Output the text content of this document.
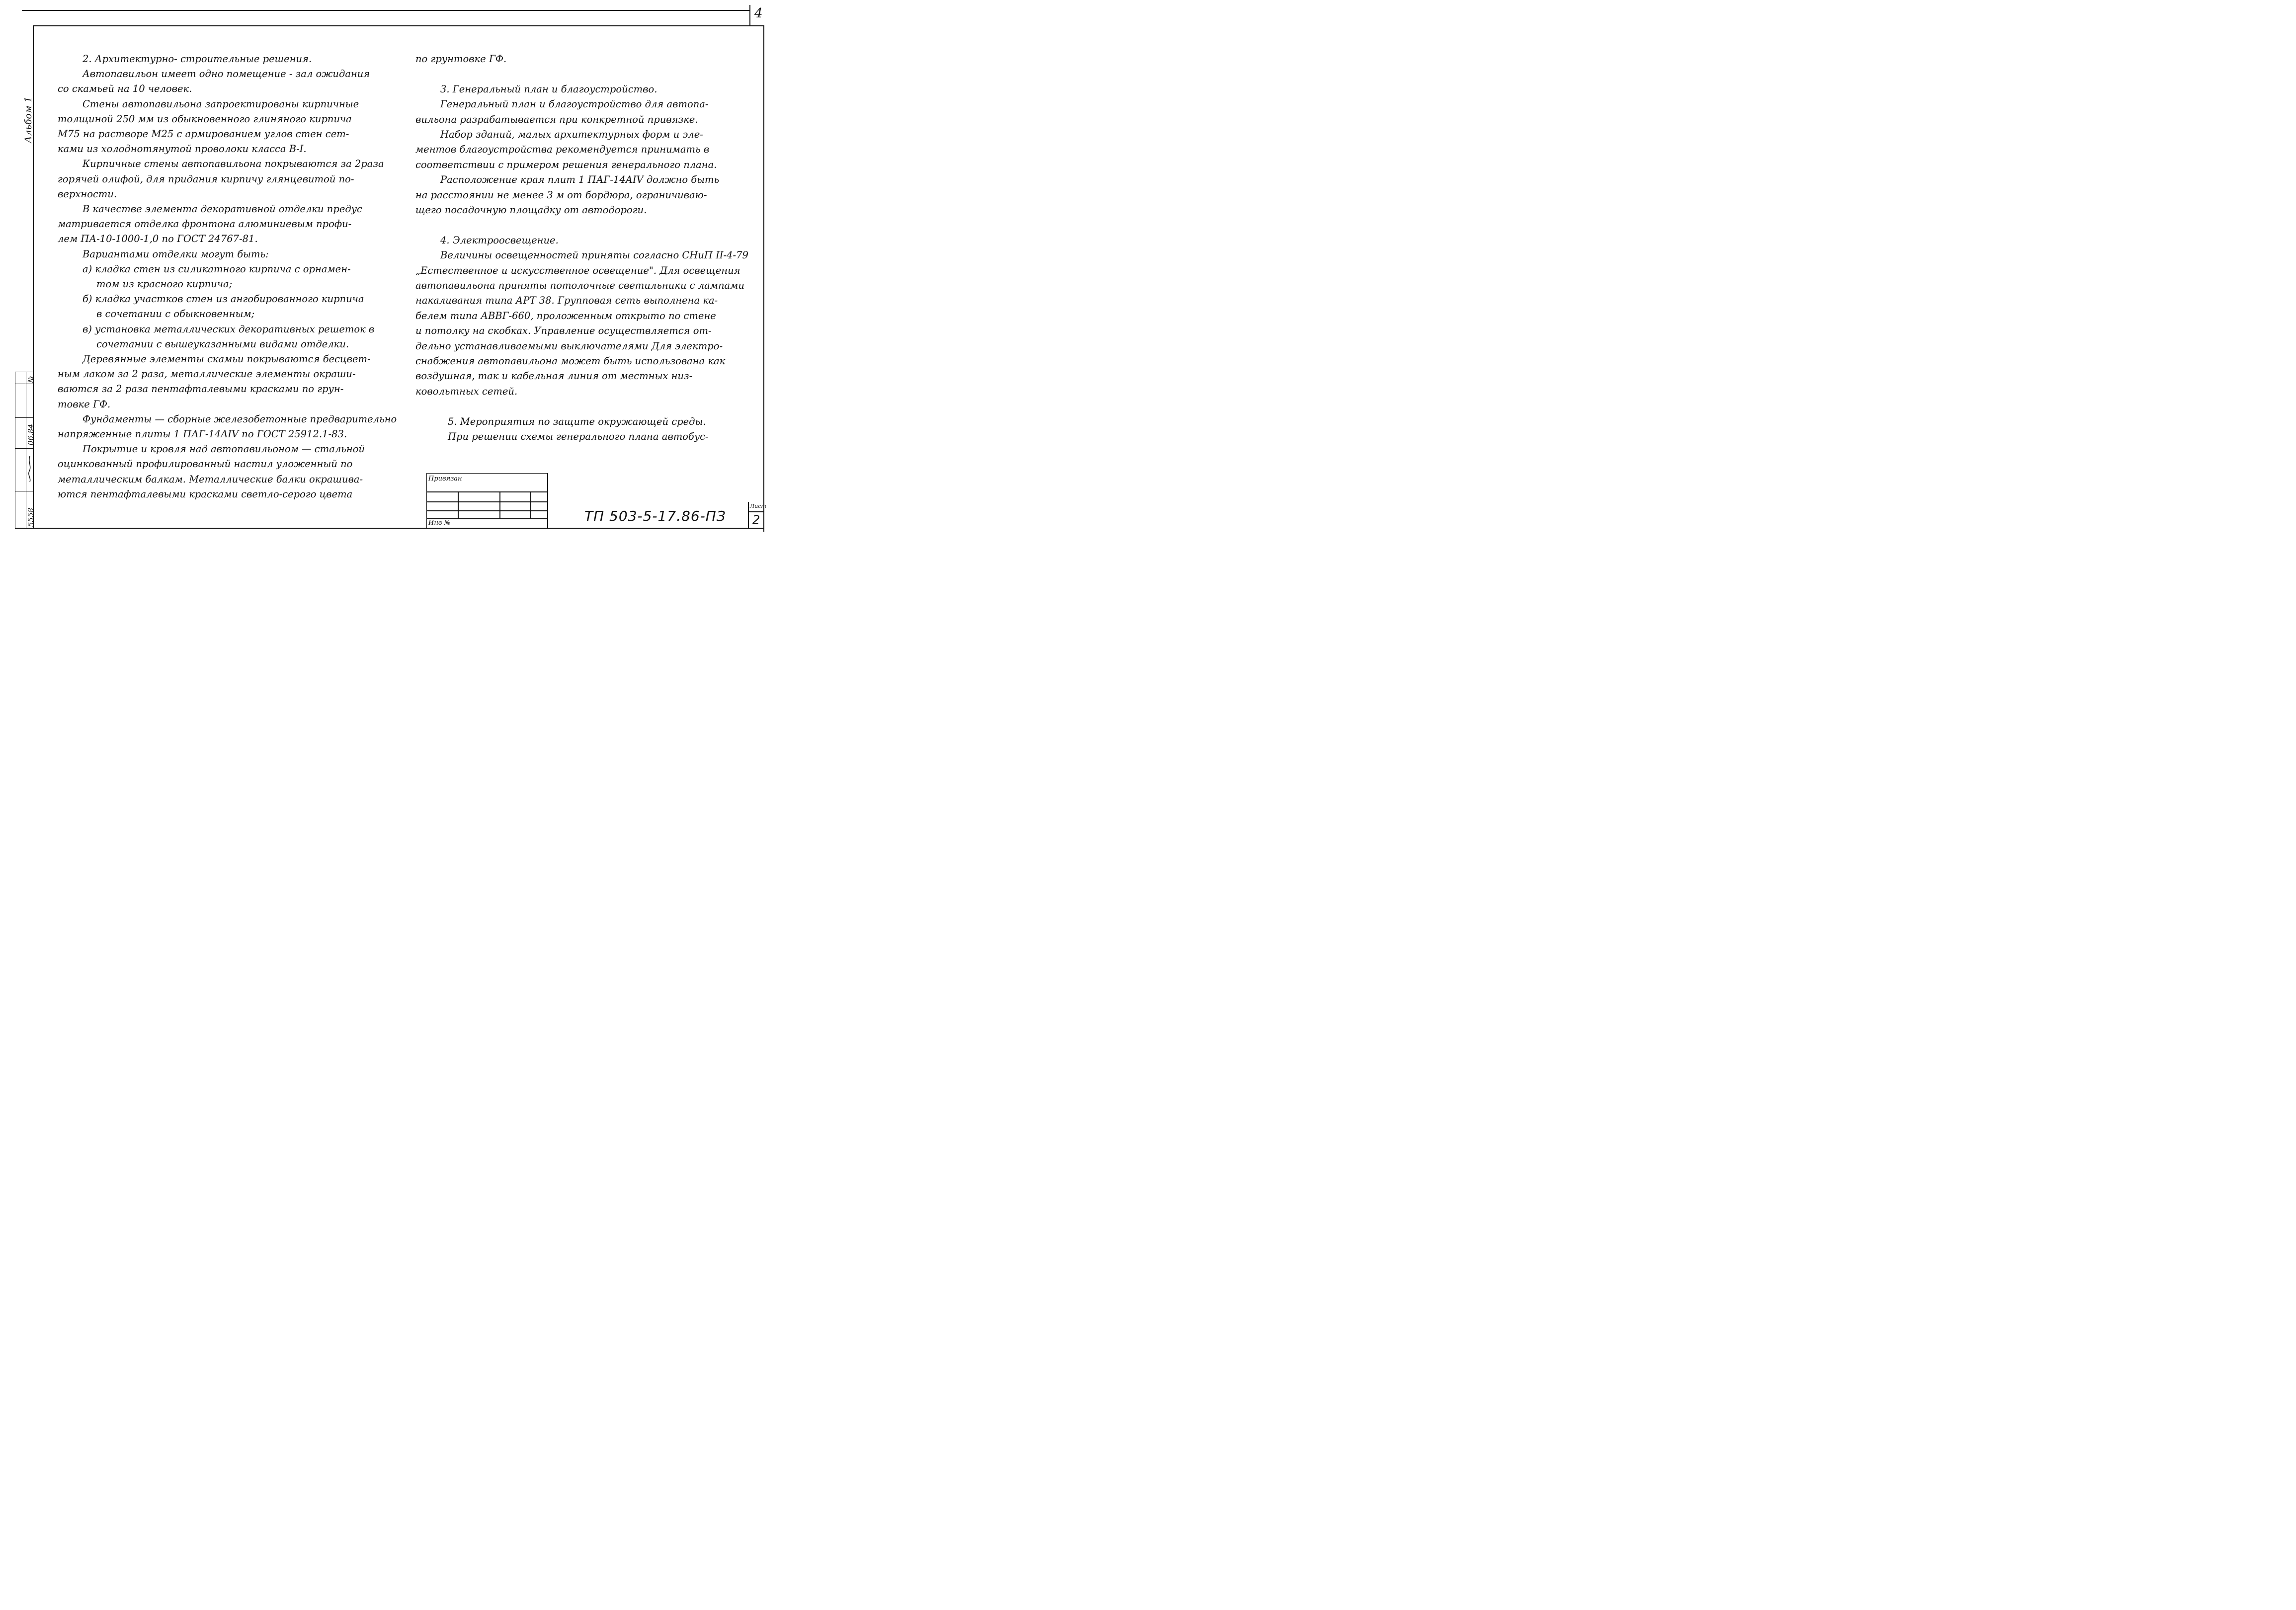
4
Альбом 1
№
06.84
5558
2. Архитектурно- строительные решения.
Автопавильон имеет одно помещение - зал ожидания
со скамьей на 10 человек.
Стены автопавильона запроектированы кирпичные
толщиной 250 мм из обыкновенного глиняного кирпича
М75 на растворе М25 с армированием углов стен сет-
ками из холоднотянутой проволоки класса В-I.
Кирпичные стены автопавильона покрываются за 2раза
горячей олифой, для придания кирпичу глянцевитой по-
верхности.
В качестве элемента декоративной отделки предус
матривается отделка фронтона алюминиевым профи-
лем ПА-10-1000-1,0 по ГОСТ 24767-81.
Вариантами отделки могут быть:
а) кладка стен из силикатного кирпича с орнамен-
том из красного кирпича;
б) кладка участков стен из ангобированного кирпича
в сочетании с обыкновенным;
в) установка металлических декоративных решеток в
сочетании с вышеуказанными видами отделки.
Деревянные элементы скамьи покрываются бесцвет-
ным лаком за 2 раза, металлические элементы окраши-
ваются за 2 раза пентафталевыми красками по грун-
товке ГФ.
Фундаменты — сборные железобетонные предварительно
напряженные плиты 1 ПАГ-14AIV по ГОСТ 25912.1-83.
Покрытие и кровля над автопавильоном — стальной
оцинкованный профилированный настил уложенный по
металлическим балкам. Металлические балки окрашива-
ются пентафталевыми красками светло-серого цвета
по грунтовке ГФ.
3. Генеральный план и благоустройство.
Генеральный план и благоустройство для автопа-
вильона разрабатывается при конкретной привязке.
Набор зданий, малых архитектурных форм и эле-
ментов благоустройства рекомендуется принимать в
соответствии с примером решения генерального плана.
Расположение края плит 1 ПАГ-14AIV должно быть
на расстоянии не менее 3 м от бордюра, ограничиваю-
щего посадочную площадку от автодороги.
4. Электроосвещение.
Величины освещенностей приняты согласно СНиП II-4-79
„Естественное и искусственное освещение". Для освещения
автопавильона приняты потолочные светильники с лампами
накаливания типа АРТ 38. Групповая сеть выполнена ка-
белем типа АВВГ-660, проложенным открыто по стене
и потолку на скобках. Управление осуществляется от-
дельно устанавливаемыми выключателями Для электро-
снабжения автопавильона может быть использована как
воздушная, так и кабельная линия от местных низ-
ковольтных сетей.
5. Мероприятия по защите окружающей среды.
При решении схемы генерального плана автобус-
Привязан
Инв №	ТП 503-5-17.86-ПЗ
Лист
2
